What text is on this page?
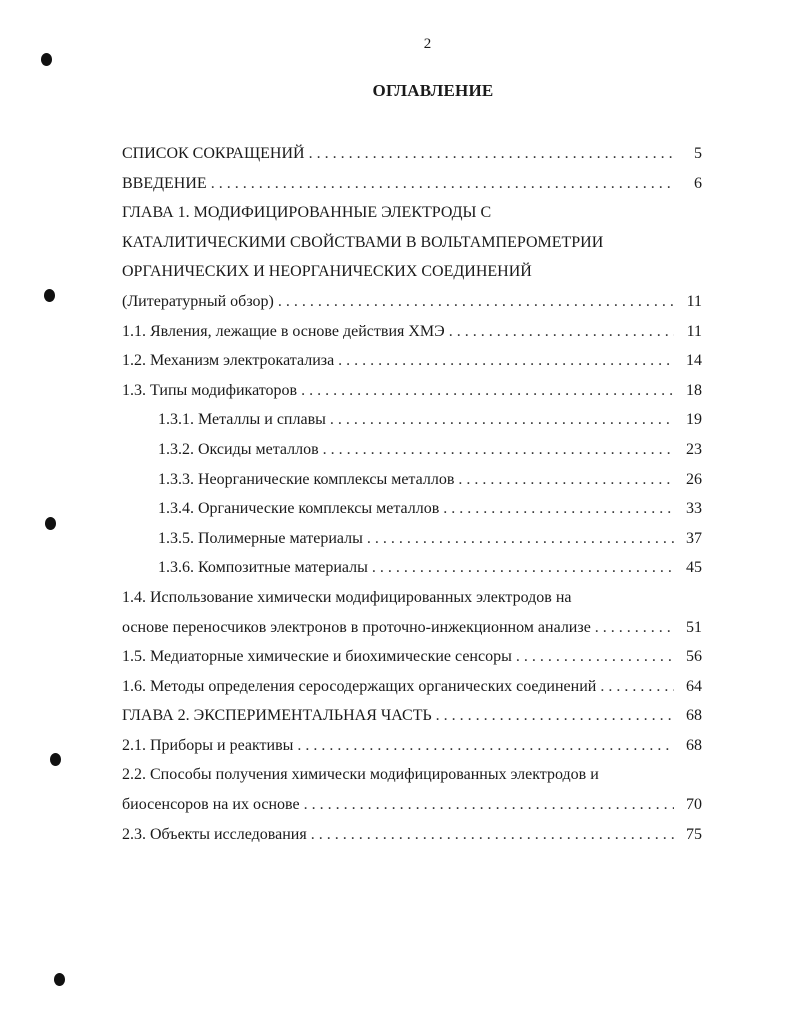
2
ОГЛАВЛЕНИЕ
СПИСОК СОКРАЩЕНИЙ . . .	5
ВВЕДЕНИЕ . . .	6
ГЛАВА 1. МОДИФИЦИРОВАННЫЕ ЭЛЕКТРОДЫ С
КАТАЛИТИЧЕСКИМИ СВОЙСТВАМИ В ВОЛЬТАМПЕРОМЕТРИИ
ОРГАНИЧЕСКИХ И НЕОРГАНИЧЕСКИХ СОЕДИНЕНИЙ
(Литературный обзор) . . .	11
1.1. Явления, лежащие в основе действия ХМЭ . . .	11
1.2. Механизм электрокатализа . . .	14
1.3. Типы модификаторов . . .	18
1.3.1. Металлы и сплавы . . .	19
1.3.2. Оксиды металлов . . .	23
1.3.3. Неорганические комплексы металлов . . .	26
1.3.4. Органические комплексы металлов . . .	33
1.3.5. Полимерные материалы . . .	37
1.3.6. Композитные материалы . . .	45
1.4. Использование химически модифицированных электродов на
основе переносчиков электронов в проточно-инжекционном анализе . . .	51
1.5. Медиаторные химические и биохимические сенсоры . . .	56
1.6. Методы определения серосодержащих органических соединений . . .	64
ГЛАВА 2. ЭКСПЕРИМЕНТАЛЬНАЯ ЧАСТЬ . . .	68
2.1. Приборы и реактивы . . .	68
2.2. Способы получения химически модифицированных электродов и
биосенсоров на их основе . . .	70
2.3. Объекты исследования . . .	75
